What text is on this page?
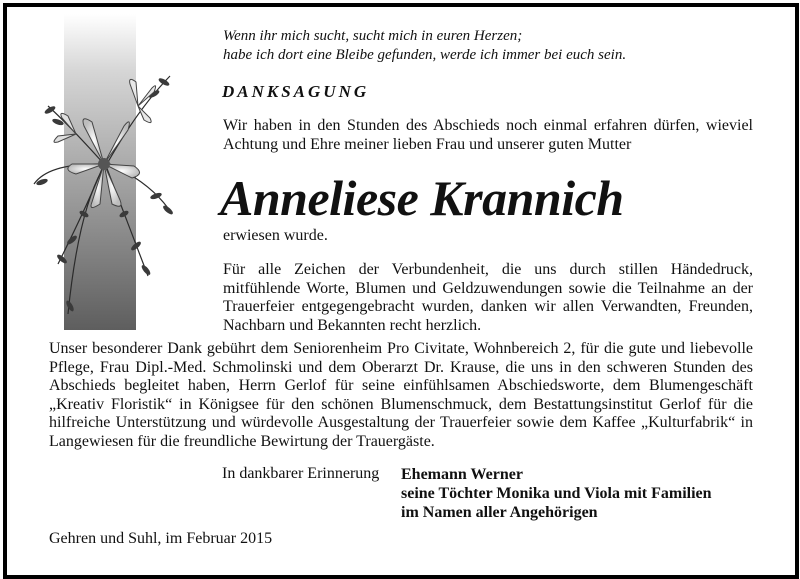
Wenn ihr mich sucht, sucht mich in euren Herzen;
habe ich dort eine Bleibe gefunden, werde ich immer bei euch sein.

DANKSAGUNG

Wir haben in den Stunden des Abschieds noch einmal erfahren dürfen, wieviel Achtung und Ehre meiner lieben Frau und unserer guten Mutter

Anneliese Krannich

erwiesen wurde.

Für alle Zeichen der Verbundenheit, die uns durch stillen Händedruck, mitfühlende Worte, Blumen und Geldzuwendungen sowie die Teilnahme an der Trauerfeier entgegengebracht wurden, danken wir allen Verwandten, Freunden, Nachbarn und Bekannten recht herzlich.

Unser besonderer Dank gebührt dem Seniorenheim Pro Civitate, Wohnbereich 2, für die gute und liebevolle Pflege, Frau Dipl.-Med. Schmolinski und dem Oberarzt Dr. Krause, die uns in den schweren Stunden des Abschieds begleitet haben, Herrn Gerlof für seine einfühlsamen Abschiedsworte, dem Blumengeschäft „Kreativ Floristik“ in Königsee für den schönen Blumenschmuck, dem Bestattungsinstitut Gerlof für die hilfreiche Unterstützung und würdevolle Ausgestaltung der Trauerfeier sowie dem Kaffee „Kulturfabrik“ in Langewiesen für die freundliche Bewirtung der Trauergäste.

In dankbarer Erinnerung Ehemann Werner
seine Töchter Monika und Viola mit Familien
im Namen aller Angehörigen

Gehren und Suhl, im Februar 2015
